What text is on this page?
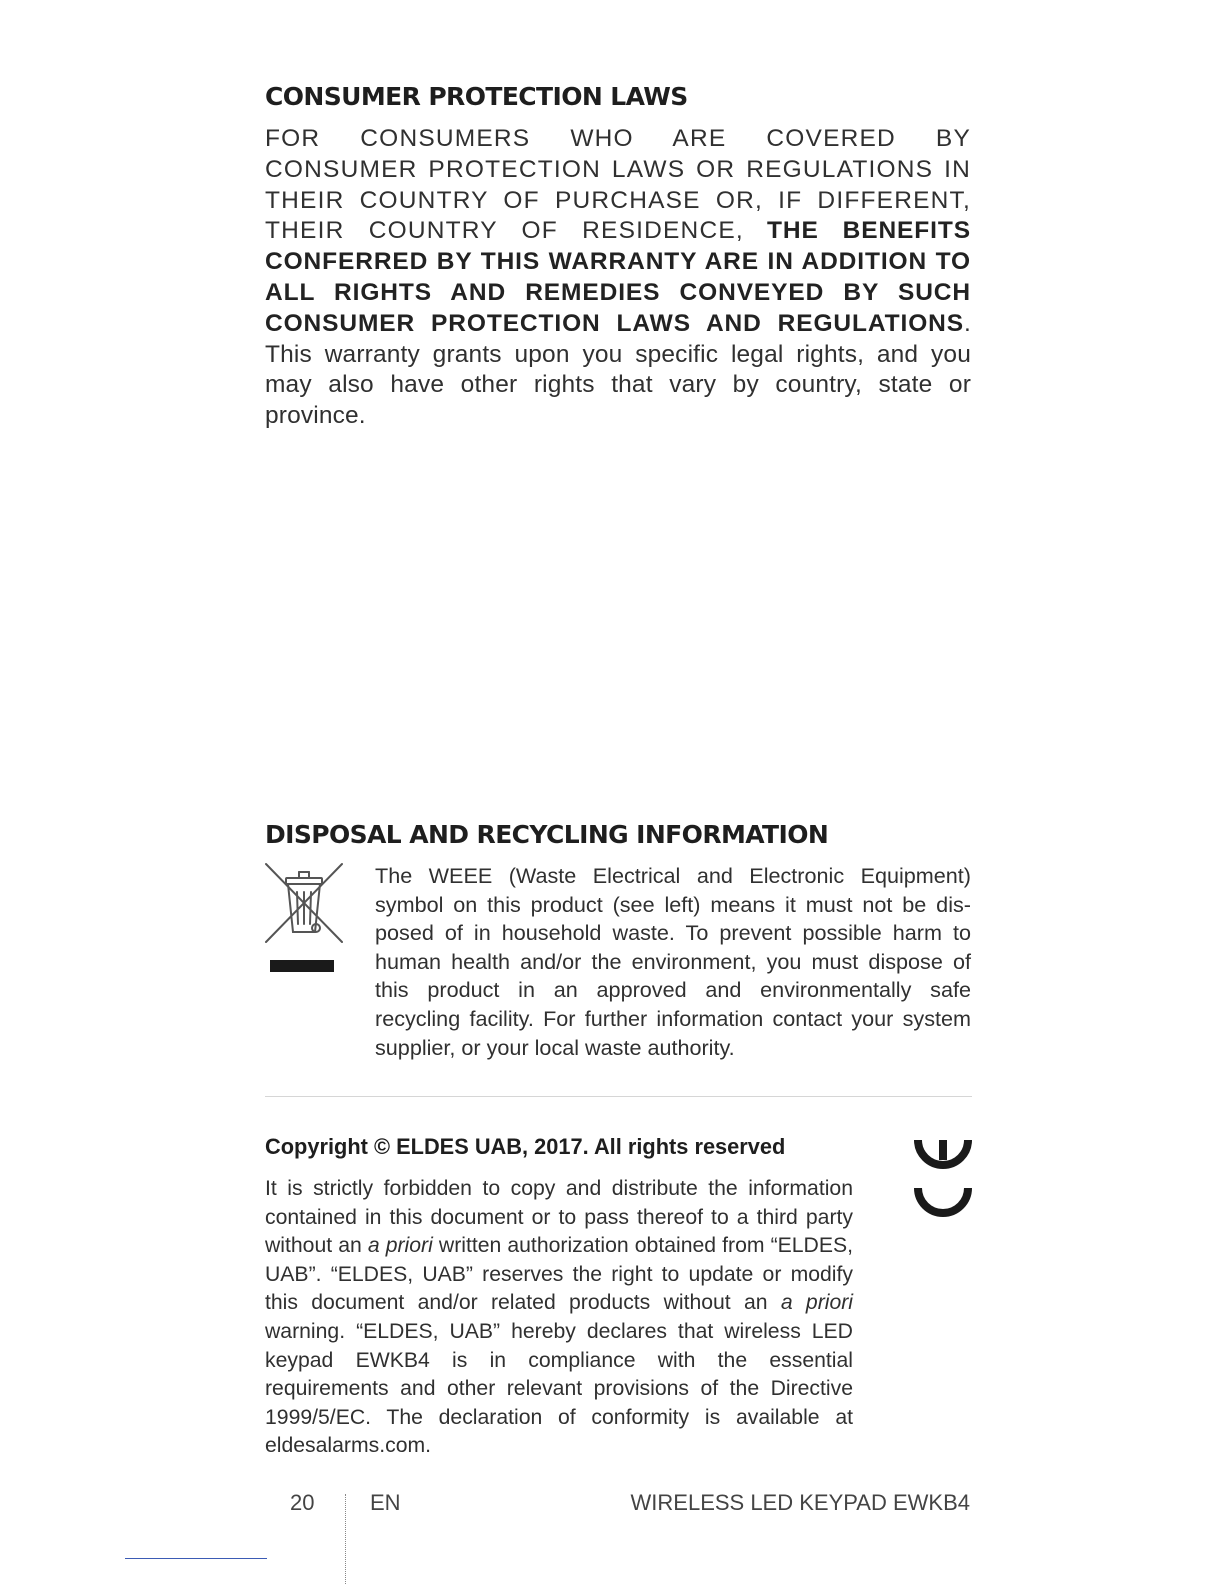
CONSUMER PROTECTION LAWS

FOR CONSUMERS WHO ARE COVERED BY CONSUMER PROTECTION LAWS OR REGULATIONS IN THEIR COUNTRY OF PURCHASE OR, IF DIFFERENT, THEIR COUNTRY OF RESIDENCE, THE BENEFITS CONFERRED BY THIS WARRANTY ARE IN ADDITION TO ALL RIGHTS AND REMEDIES CONVEYED BY SUCH CONSUMER PROTECTION LAWS AND REGULATIONS. This warranty grants upon you specific legal rights, and you may also have other rights that vary by country, state or province.

DISPOSAL AND RECYCLING INFORMATION

The WEEE (Waste Electrical and Electronic Equipment) symbol on this product (see left) means it must not be disposed of in household waste. To prevent possible harm to human health and/or the environment, you must dispose of this product in an approved and environmentally safe recycling facility. For further information contact your system supplier, or your local waste authority.

Copyright © ELDES UAB, 2017. All rights reserved

It is strictly forbidden to copy and distribute the information contained in this document or to pass thereof to a third party without an a priori written authorization obtained from “ELDES, UAB”. “ELDES, UAB” reserves the right to update or modify this document and/or related products without an a priori warning. “ELDES, UAB” hereby declares that wireless LED keypad EWKB4 is in compliance with the essential requirements and other relevant provisions of the Directive 1999/5/EC. The declaration of conformity is available at eldesalarms.com.

20	EN	WIRELESS LED KEYPAD EWKB4
